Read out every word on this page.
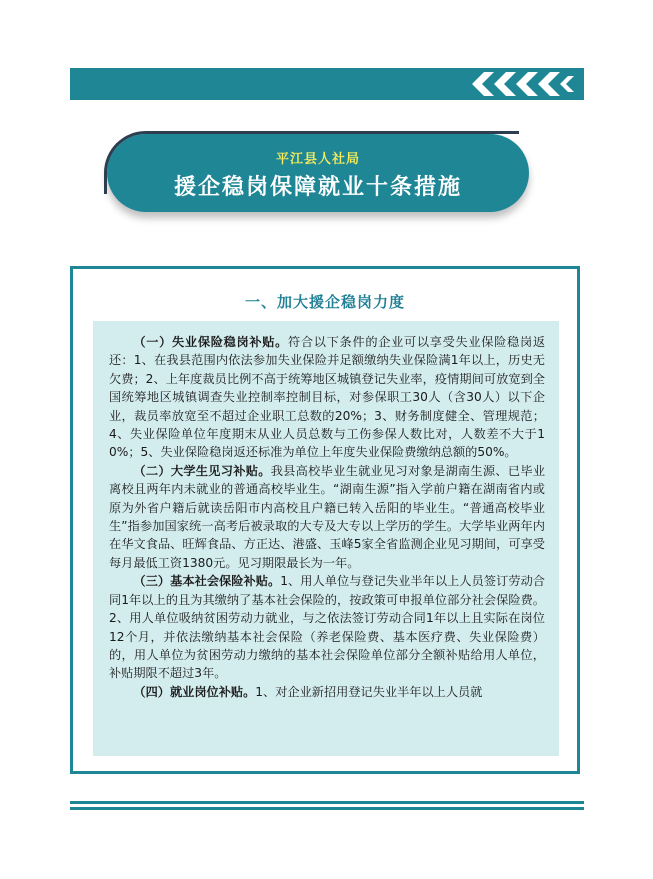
平江县人社局
援企稳岗保障就业十条措施
一、加大援企稳岗力度

（一）失业保险稳岗补贴。符合以下条件的企业可以享受失业保险稳岗返还：1、在我县范围内依法参加失业保险并足额缴纳失业保险满1年以上，历史无欠费；2、上年度裁员比例不高于统筹地区城镇登记失业率，疫情期间可放宽到全国统筹地区城镇调查失业控制率控制目标，对参保职工30人（含30人）以下企业，裁员率放宽至不超过企业职工总数的20%；3、财务制度健全、管理规范；4、失业保险单位年度期末从业人员总数与工伤参保人数比对，人数差不大于10%；5、失业保险稳岗返还标准为单位上年度失业保险费缴纳总额的50%。

（二）大学生见习补贴。我县高校毕业生就业见习对象是湖南生源、已毕业离校且两年内未就业的普通高校毕业生。“湖南生源”指入学前户籍在湖南省内或原为外省户籍后就读岳阳市内高校且户籍已转入岳阳的毕业生。“普通高校毕业生”指参加国家统一高考后被录取的大专及大专以上学历的学生。大学毕业两年内在华文食品、旺辉食品、方正达、港盛、玉峰5家全省监测企业见习期间，可享受每月最低工资1380元。见习期限最长为一年。

（三）基本社会保险补贴。1、用人单位与登记失业半年以上人员签订劳动合同1年以上的且为其缴纳了基本社会保险的，按政策可申报单位部分社会保险费。2、用人单位吸纳贫困劳动力就业，与之依法签订劳动合同1年以上且实际在岗位12个月，并依法缴纳基本社会保险（养老保险费、基本医疗费、失业保险费）的，用人单位为贫困劳动力缴纳的基本社会保险单位部分全额补贴给用人单位，补贴期限不超过3年。

（四）就业岗位补贴。1、对企业新招用登记失业半年以上人员就
